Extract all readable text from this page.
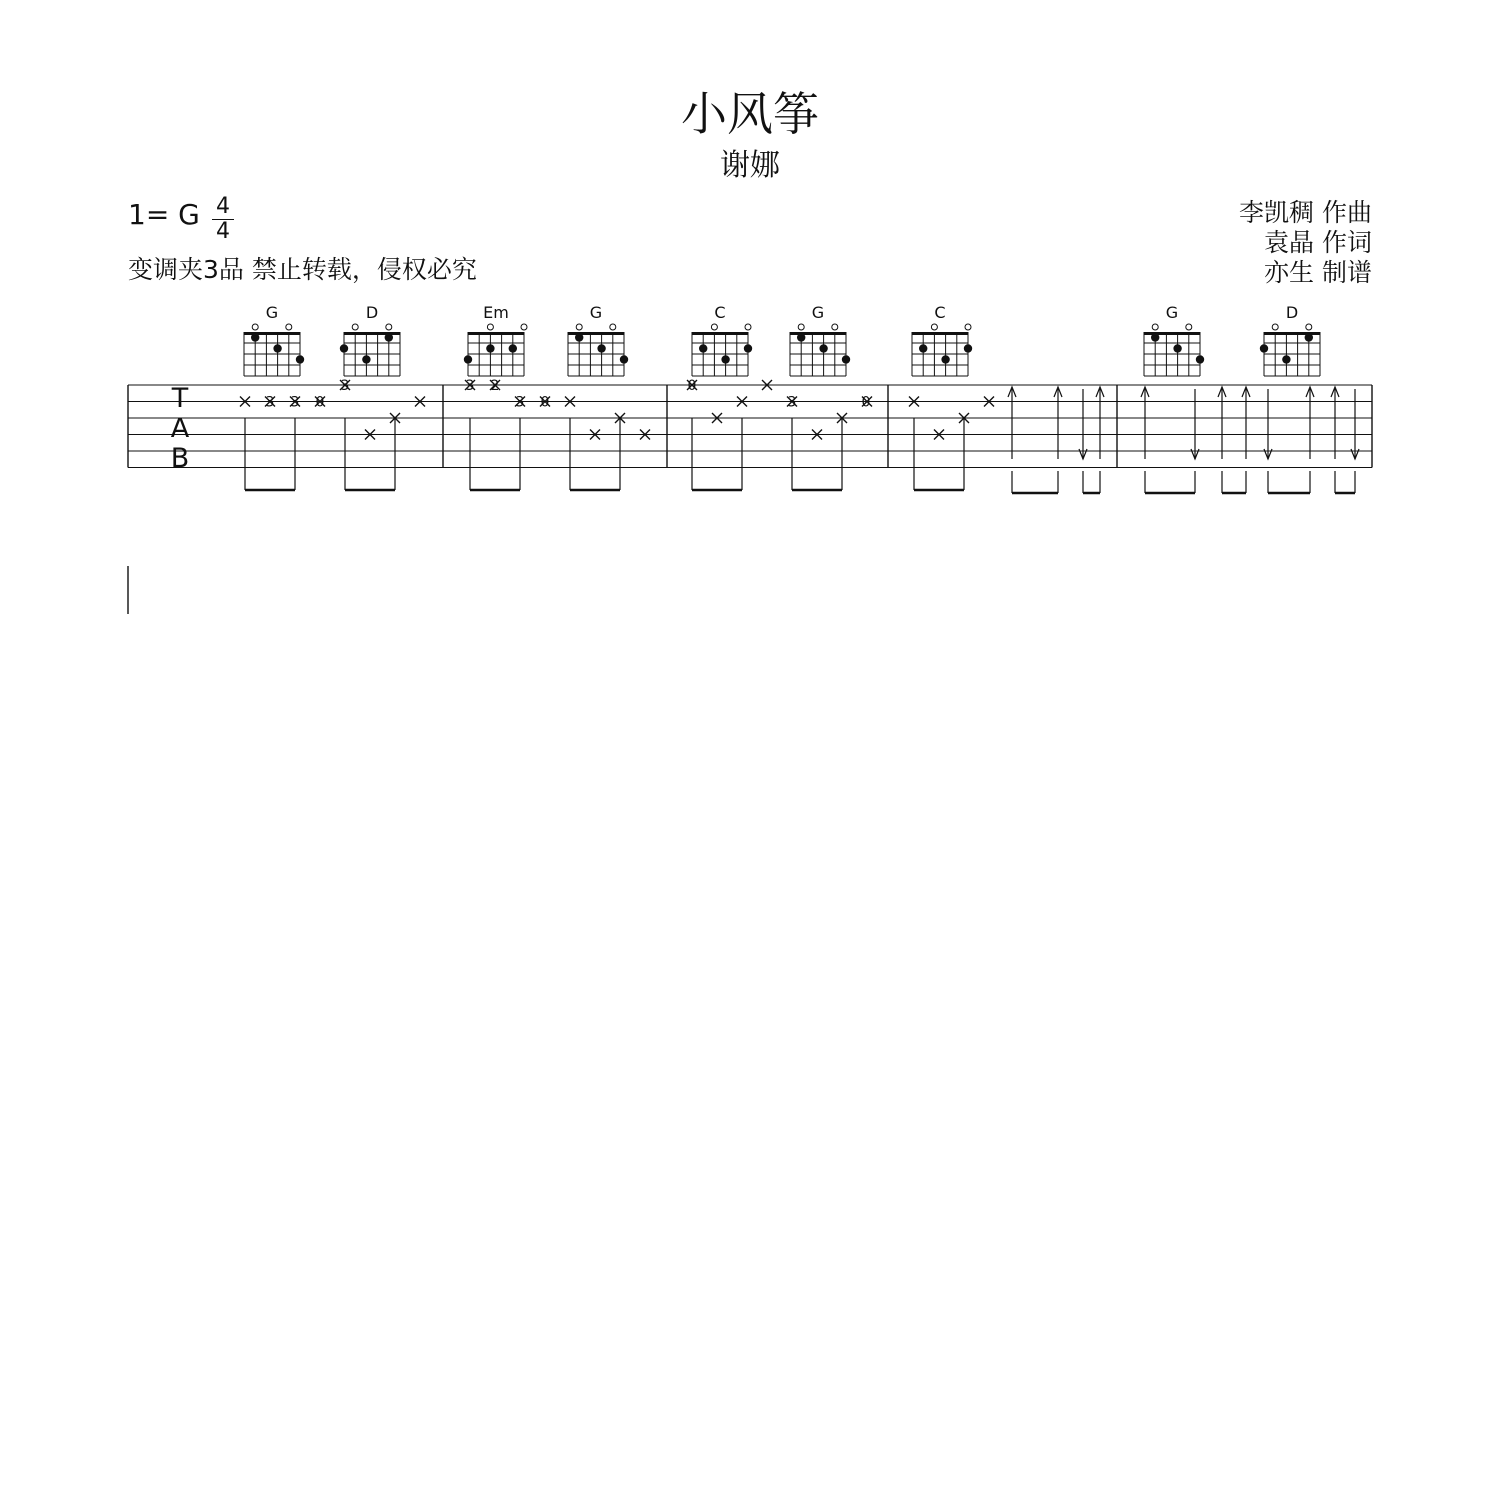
小风筝
谢娜
1= G 4
4
变调夹3品 禁止转载，侵权必究
李凯稠 作曲
袁晶 作词
亦生 制谱
G	D	Em	G	C	G	C	G	D
T
A
B
3 3 0
3	3 2
3 0
0
3	0
